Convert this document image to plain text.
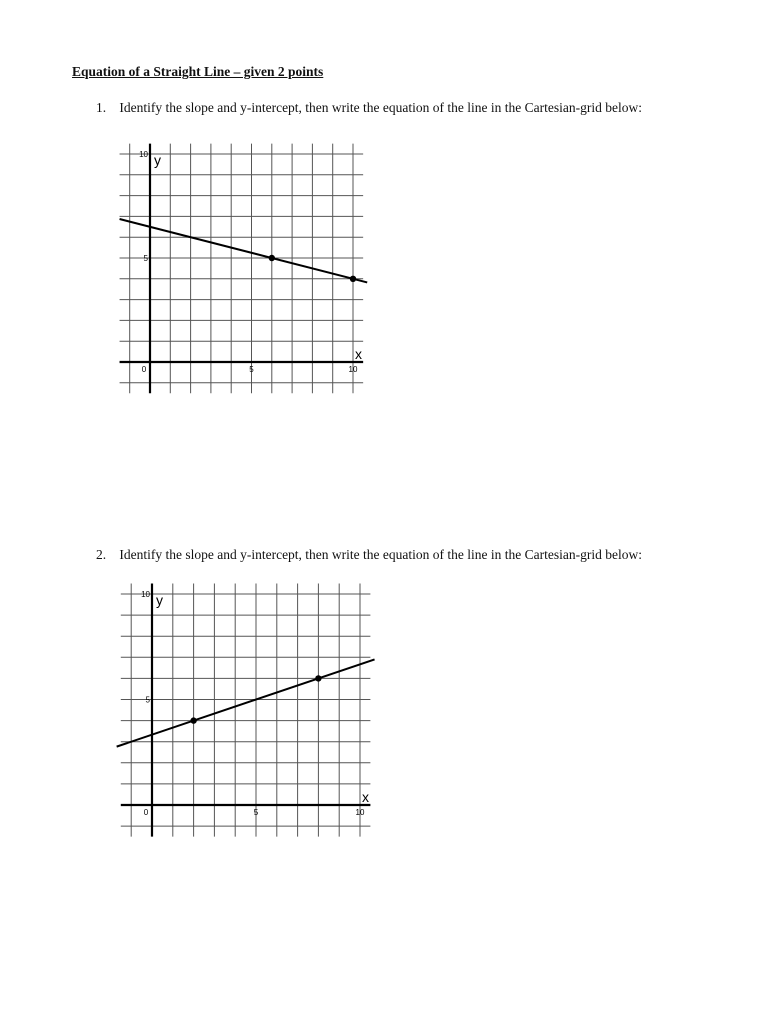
Equation of a Straight Line – given 2 points
1. Identify the slope and y-intercept, then write the equation of the line in the Cartesian-grid below:
0	5	10
5
10 y
x
2. Identify the slope and y-intercept, then write the equation of the line in the Cartesian-grid below:
0	5	10
5
10 y
x
